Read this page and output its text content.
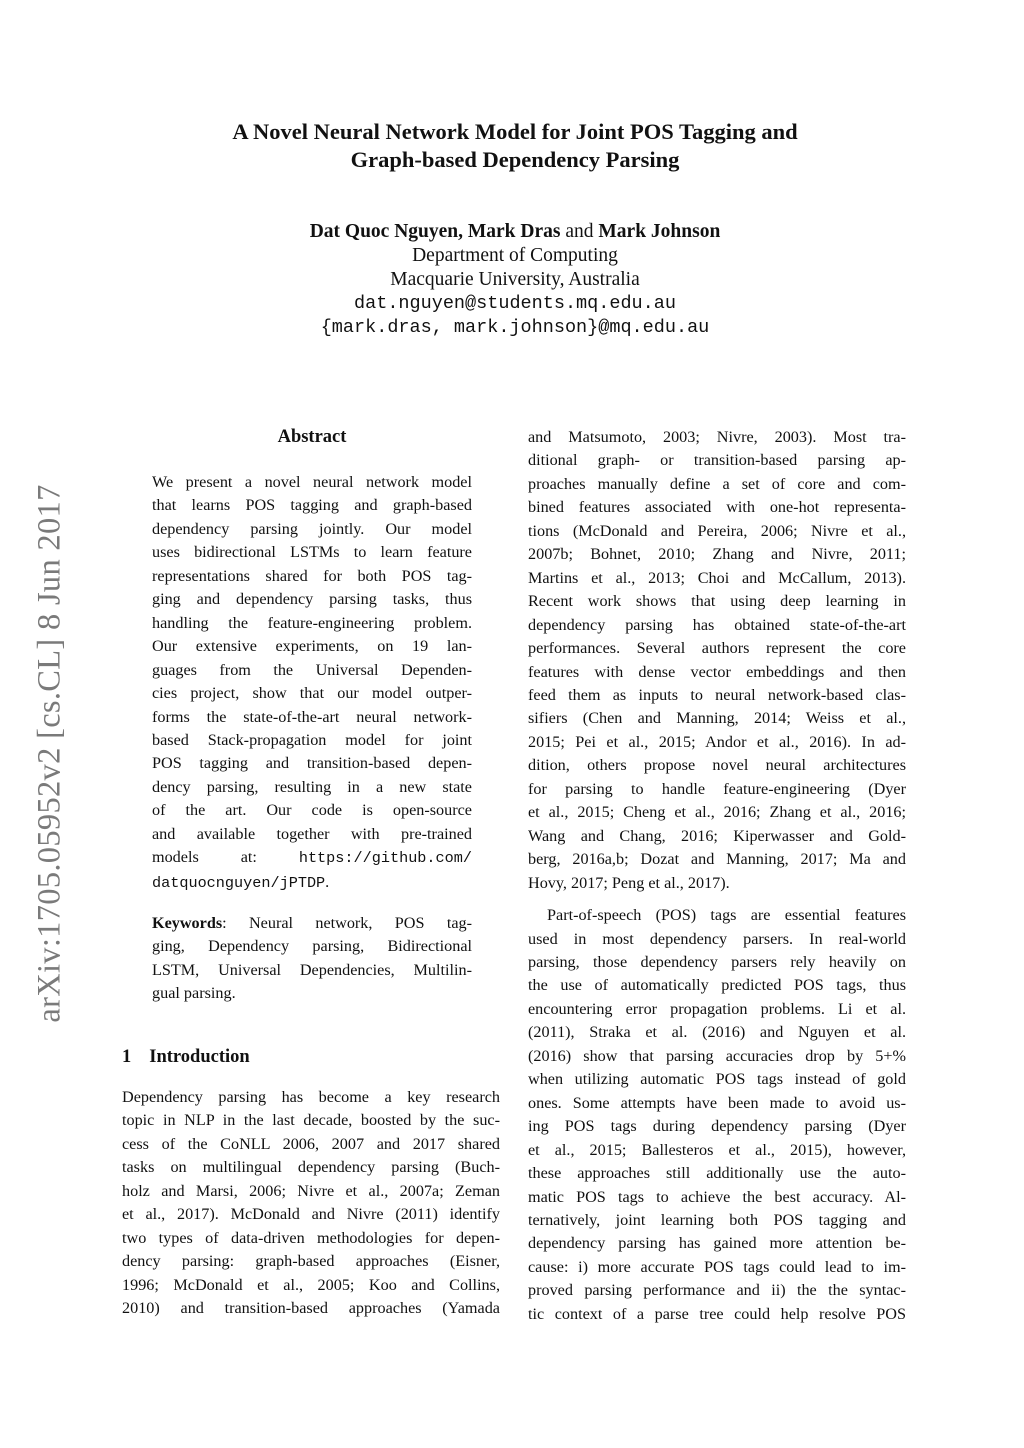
arXiv:1705.05952v2 [cs.CL] 8 Jun 2017
A Novel Neural Network Model for Joint POS Tagging and
Graph-based Dependency Parsing
Dat Quoc Nguyen, Mark Dras and Mark Johnson
Department of Computing
Macquarie University, Australia
dat.nguyen@students.mq.edu.au
{mark.dras, mark.johnson}@mq.edu.au
Abstract
We present a novel neural network model
that learns POS tagging and graph-based
dependency parsing jointly. Our model
uses bidirectional LSTMs to learn feature
representations shared for both POS tag-
ging and dependency parsing tasks, thus
handling the feature-engineering problem.
Our extensive experiments, on 19 lan-
guages from the Universal Dependen-
cies project, show that our model outper-
forms the state-of-the-art neural network-
based Stack-propagation model for joint
POS tagging and transition-based depen-
dency parsing, resulting in a new state
of the art. Our code is open-source
and available together with pre-trained
models at:	https://github.com/
datquocnguyen/jPTDP.
Keywords: Neural network, POS tag-
ging, Dependency parsing, Bidirectional
LSTM, Universal Dependencies, Multilin-
gual parsing.
1 Introduction
Dependency parsing has become a key research
topic in NLP in the last decade, boosted by the suc-
cess of the CoNLL 2006, 2007 and 2017 shared
tasks on multilingual dependency parsing (Buch-
holz and Marsi, 2006; Nivre et al., 2007a; Zeman
et al., 2017). McDonald and Nivre (2011) identify
two types of data-driven methodologies for depen-
dency parsing: graph-based approaches (Eisner,
1996; McDonald et al., 2005; Koo and Collins,
2010) and transition-based approaches (Yamada
and Matsumoto, 2003; Nivre, 2003). Most tra-
ditional graph- or transition-based parsing ap-
proaches manually define a set of core and com-
bined features associated with one-hot representa-
tions (McDonald and Pereira, 2006; Nivre et al.,
2007b; Bohnet, 2010; Zhang and Nivre, 2011;
Martins et al., 2013; Choi and McCallum, 2013).
Recent work shows that using deep learning in
dependency parsing has obtained state-of-the-art
performances. Several authors represent the core
features with dense vector embeddings and then
feed them as inputs to neural network-based clas-
sifiers (Chen and Manning, 2014; Weiss et al.,
2015; Pei et al., 2015; Andor et al., 2016). In ad-
dition, others propose novel neural architectures
for parsing to handle feature-engineering (Dyer
et al., 2015; Cheng et al., 2016; Zhang et al., 2016;
Wang and Chang, 2016; Kiperwasser and Gold-
berg, 2016a,b; Dozat and Manning, 2017; Ma and
Hovy, 2017; Peng et al., 2017).
Part-of-speech (POS) tags are essential features
used in most dependency parsers. In real-world
parsing, those dependency parsers rely heavily on
the use of automatically predicted POS tags, thus
encountering error propagation problems. Li et al.
(2011), Straka et al. (2016) and Nguyen et al.
(2016) show that parsing accuracies drop by 5+%
when utilizing automatic POS tags instead of gold
ones. Some attempts have been made to avoid us-
ing POS tags during dependency parsing (Dyer
et al., 2015; Ballesteros et al., 2015), however,
these approaches still additionally use the auto-
matic POS tags to achieve the best accuracy. Al-
ternatively, joint learning both POS tagging and
dependency parsing has gained more attention be-
cause: i) more accurate POS tags could lead to im-
proved parsing performance and ii) the the syntac-
tic context of a parse tree could help resolve POS
